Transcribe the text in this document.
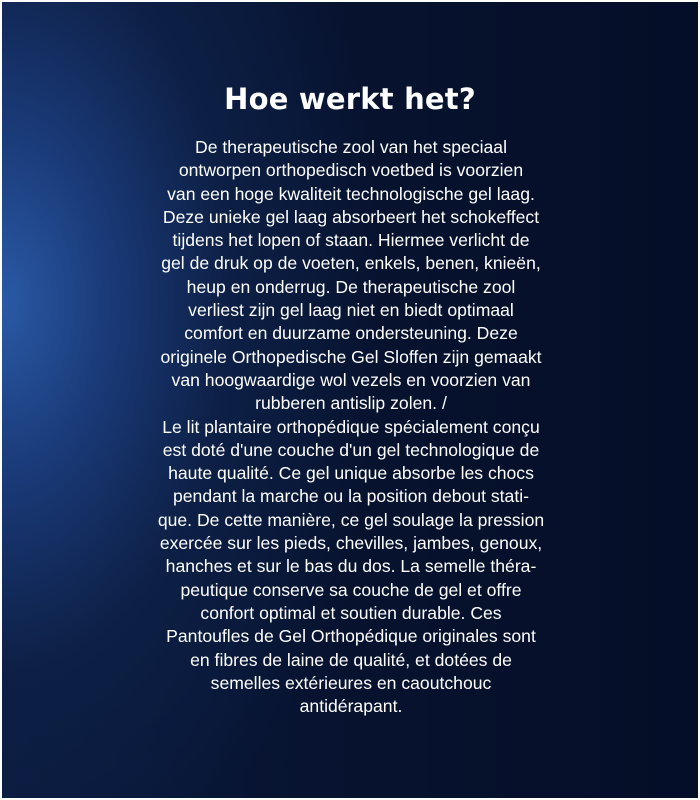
Hoe werkt het?

De therapeutische zool van het speciaal
ontworpen orthopedisch voetbed is voorzien
van een hoge kwaliteit technologische gel laag.
Deze unieke gel laag absorbeert het schokeffect
tijdens het lopen of staan. Hiermee verlicht de
gel de druk op de voeten, enkels, benen, knieën,
heup en onderrug. De therapeutische zool
verliest zijn gel laag niet en biedt optimaal
comfort en duurzame ondersteuning. Deze
originele Orthopedische Gel Sloffen zijn gemaakt
van hoogwaardige wol vezels en voorzien van
rubberen antislip zolen. /
Le lit plantaire orthopédique spécialement conçu
est doté d'une couche d'un gel technologique de
haute qualité. Ce gel unique absorbe les chocs
pendant la marche ou la position debout stati-
que. De cette manière, ce gel soulage la pression
exercée sur les pieds, chevilles, jambes, genoux,
hanches et sur le bas du dos. La semelle théra-
peutique conserve sa couche de gel et offre
confort optimal et soutien durable. Ces
Pantoufles de Gel Orthopédique originales sont
en fibres de laine de qualité, et dotées de
semelles extérieures en caoutchouc
antidérapant.
